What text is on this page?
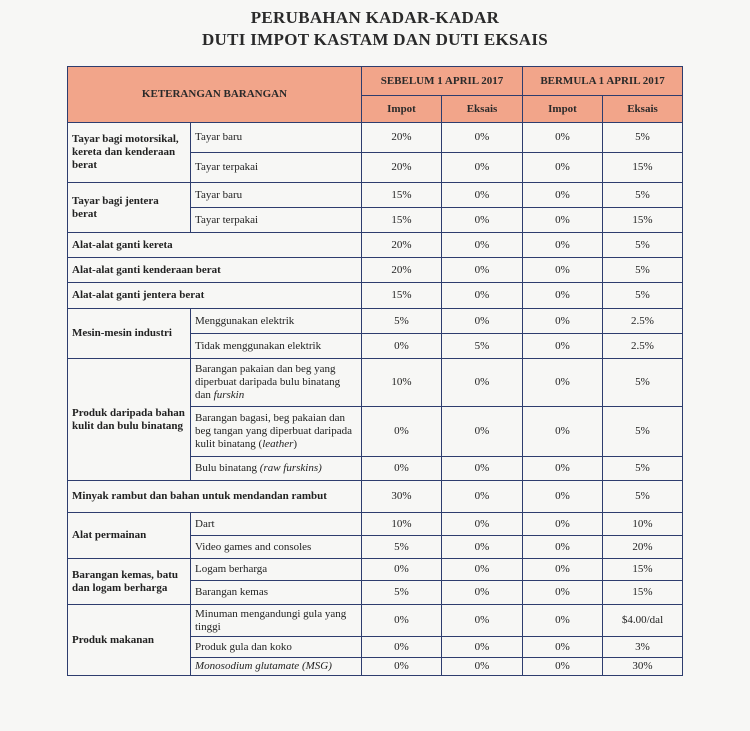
PERUBAHAN KADAR-KADAR
DUTI IMPOT KASTAM DAN DUTI EKSAIS
KETERANGAN BARANGAN		SEBELUM 1 APRIL 2017		BERMULA 1 APRIL 2017	
		Impot	Eksais	Impot	Eksais
Tayar bagi motorsikal, kereta dan kenderaan berat	Tayar baru	20%	0%	0%	5%
	Tayar terpakai	20%	0%	0%	15%
Tayar bagi jentera berat	Tayar baru	15%	0%	0%	5%
	Tayar terpakai	15%	0%	0%	15%
Alat-alat ganti kereta		20%	0%	0%	5%
Alat-alat ganti kenderaan berat		20%	0%	0%	5%
Alat-alat ganti jentera berat		15%	0%	0%	5%
Mesin-mesin industri	Menggunakan elektrik	5%	0%	0%	2.5%
	Tidak menggunakan elektrik	0%	5%	0%	2.5%
Produk daripada bahan kulit dan bulu binatang	Barangan pakaian dan beg yang diperbuat daripada bulu binatang dan furskin	10%	0%	0%	5%
	Barangan bagasi, beg pakaian dan beg tangan yang diperbuat daripada kulit binatang (leather)	0%	0%	0%	5%
	Bulu binatang (raw furskins)	0%	0%	0%	5%
Minyak rambut dan bahan untuk mendandan rambut		30%	0%	0%	5%
Alat permainan	Dart	10%	0%	0%	10%
	Video games and consoles	5%	0%	0%	20%
Barangan kemas, batu dan logam berharga	Logam berharga	0%	0%	0%	15%
	Barangan kemas	5%	0%	0%	15%
Produk makanan	Minuman mengandungi gula yang tinggi	0%	0%	0%	$4.00/dal
	Produk gula dan koko	0%	0%	0%	3%
	Monosodium glutamate (MSG)	0%	0%	0%	30%
